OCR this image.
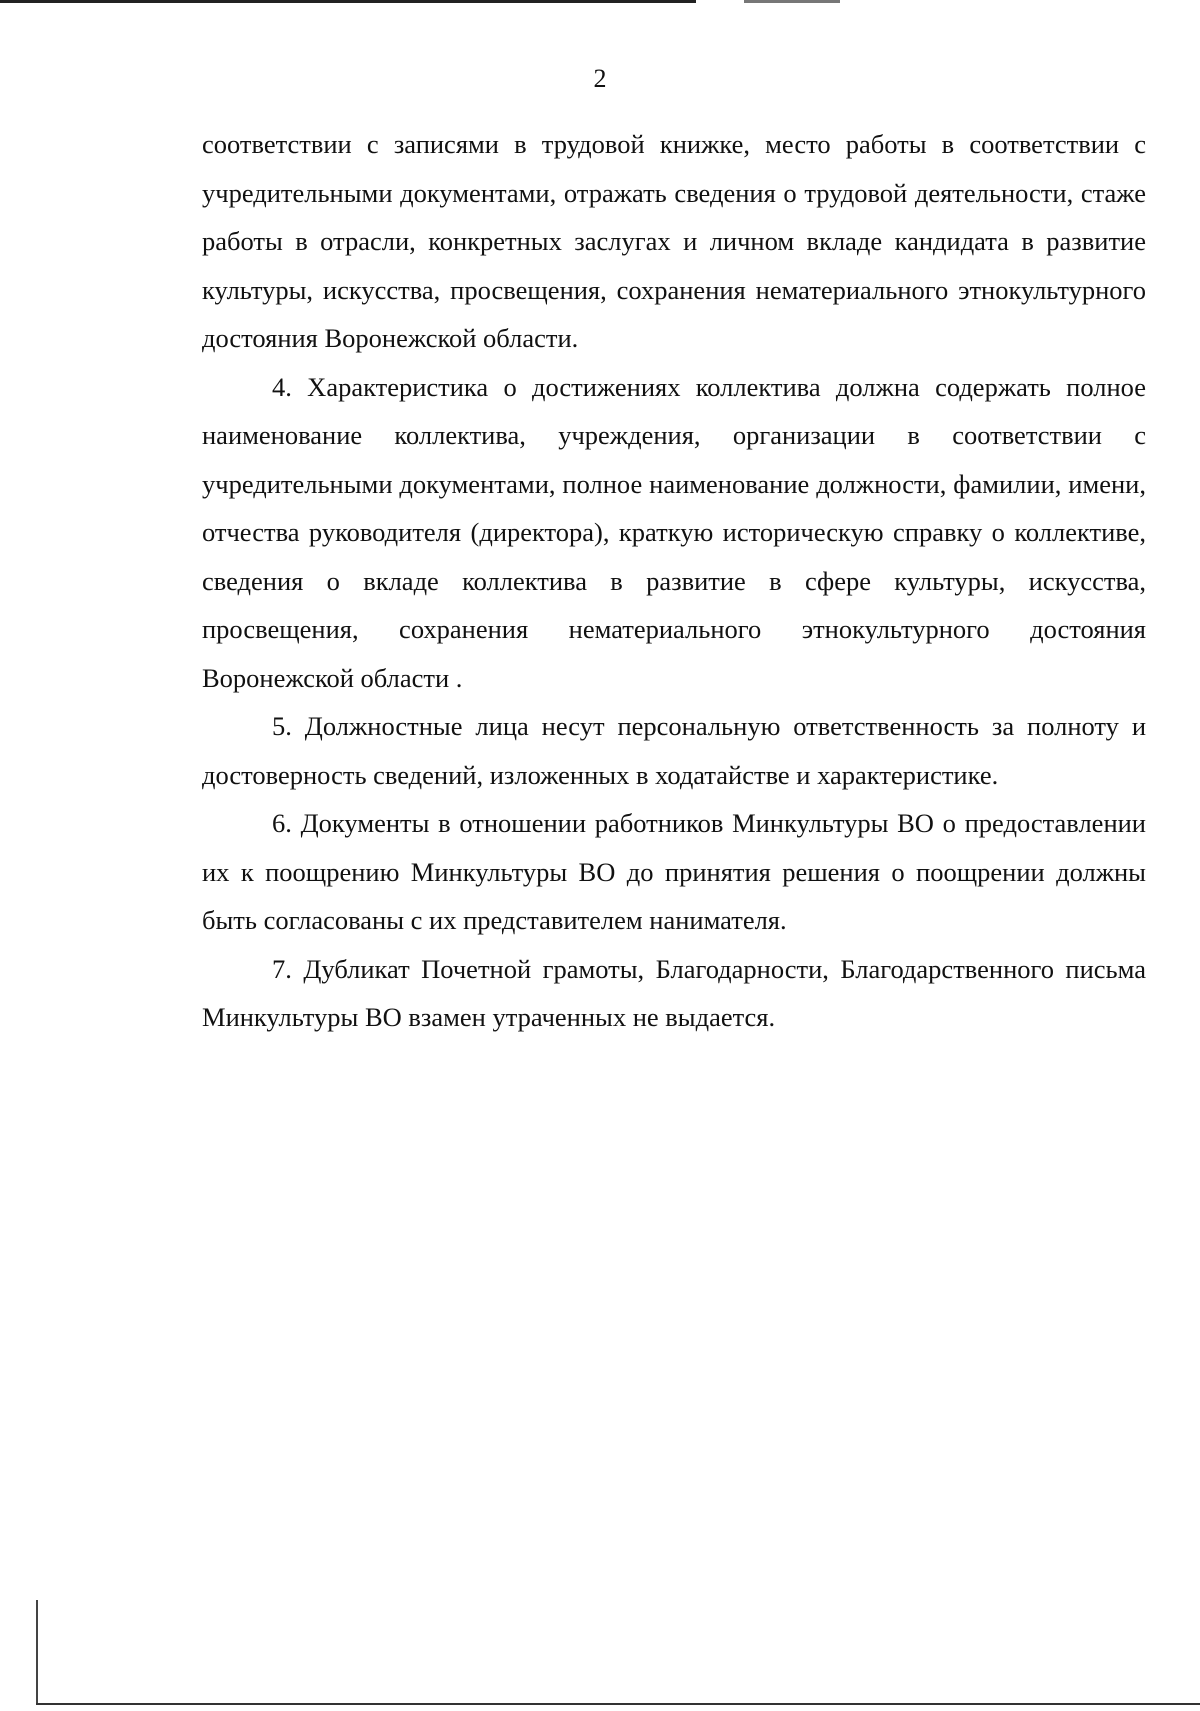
2

соответствии с записями в трудовой книжке, место работы в соответствии с учредительными документами, отражать сведения о трудовой деятельности, стаже работы в отрасли, конкретных заслугах и личном вкладе кандидата в развитие культуры, искусства, просвещения, сохранения нематериального этнокультурного достояния Воронежской области.

4. Характеристика о достижениях коллектива должна содержать полное наименование коллектива, учреждения, организации в соответствии с учредительными документами, полное наименование должности, фамилии, имени, отчества руководителя (директора), краткую историческую справку о коллективе, сведения о вкладе коллектива в развитие в сфере культуры, искусства, просвещения, сохранения нематериального этнокультурного достояния Воронежской области .

5. Должностные лица несут персональную ответственность за полноту и достоверность сведений, изложенных в ходатайстве и характеристике.

6. Документы в отношении работников Минкультуры ВО о предоставлении их к поощрению Минкультуры ВО до принятия решения о поощрении должны быть согласованы с их представителем нанимателя.

7. Дубликат Почетной грамоты, Благодарности, Благодарственного письма Минкультуры ВО взамен утраченных не выдается.
